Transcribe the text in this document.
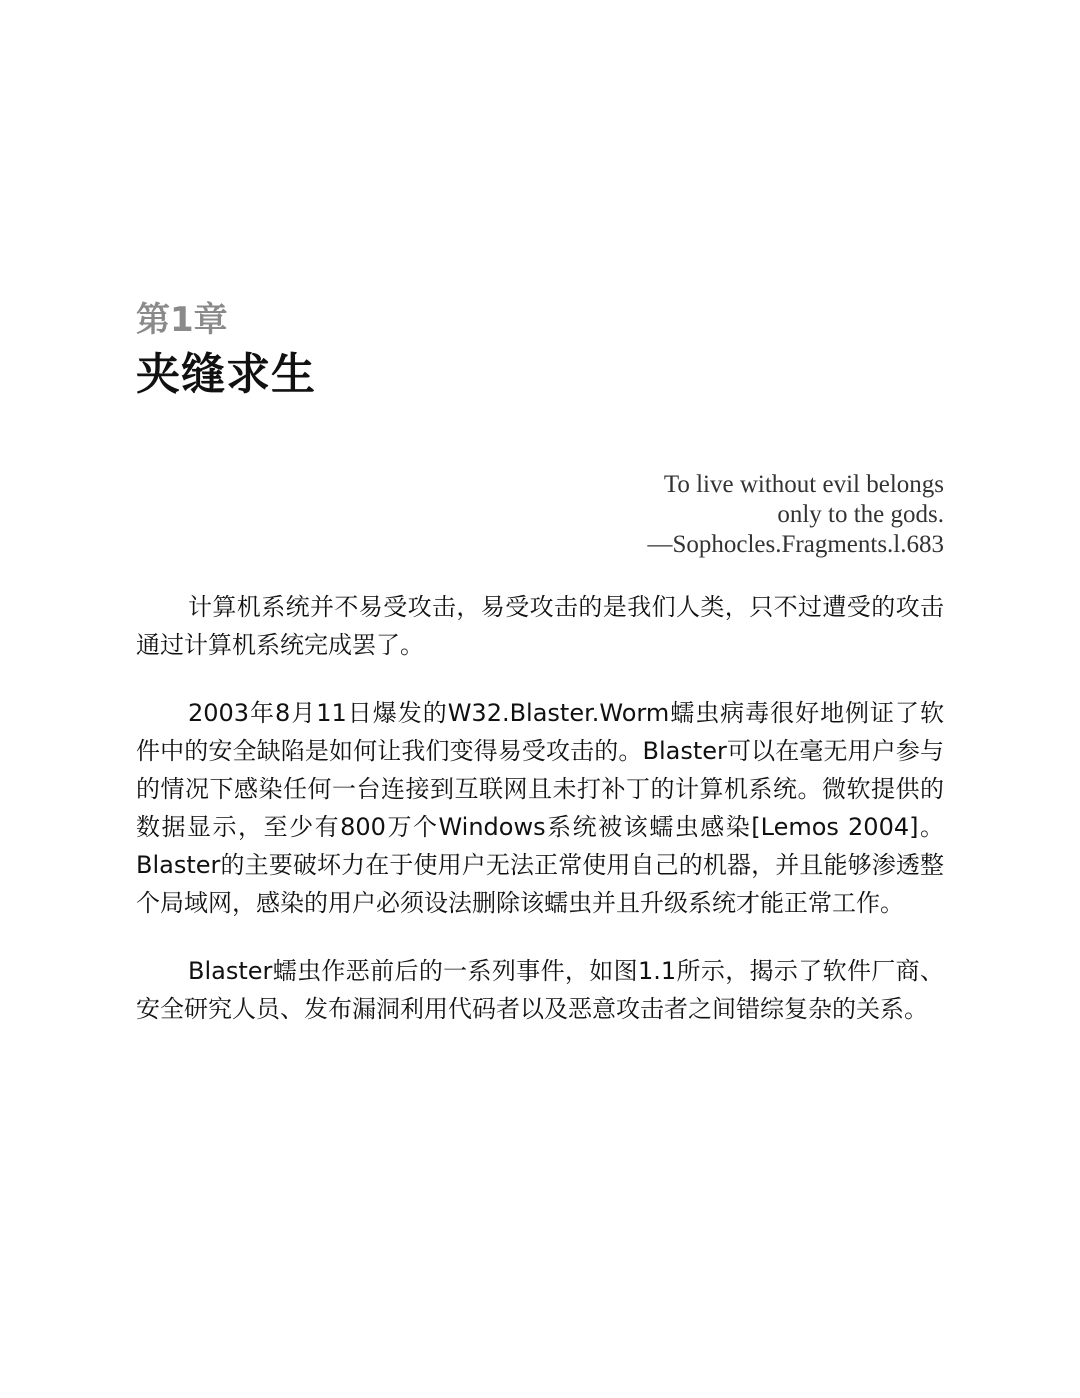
第1章
夹缝求生
To live without evil belongs
only to the gods.
—Sophocles.Fragments.l.683

计算机系统并不易受攻击，易受攻击的是我们人类，只不过遭受的攻击通过计算机系统完成罢了。

2003年8月11日爆发的W32.Blaster.Worm蠕虫病毒很好地例证了软件中的安全缺陷是如何让我们变得易受攻击的。Blaster可以在毫无用户参与的情况下感染任何一台连接到互联网且未打补丁的计算机系统。微软提供的数据显示，至少有800万个Windows系统被该蠕虫感染[Lemos 2004]。Blaster的主要破坏力在于使用户无法正常使用自己的机器，并且能够渗透整个局域网，感染的用户必须设法删除该蠕虫并且升级系统才能正常工作。

Blaster蠕虫作恶前后的一系列事件，如图1.1所示，揭示了软件厂商、安全研究人员、发布漏洞利用代码者以及恶意攻击者之间错综复杂的关系。
